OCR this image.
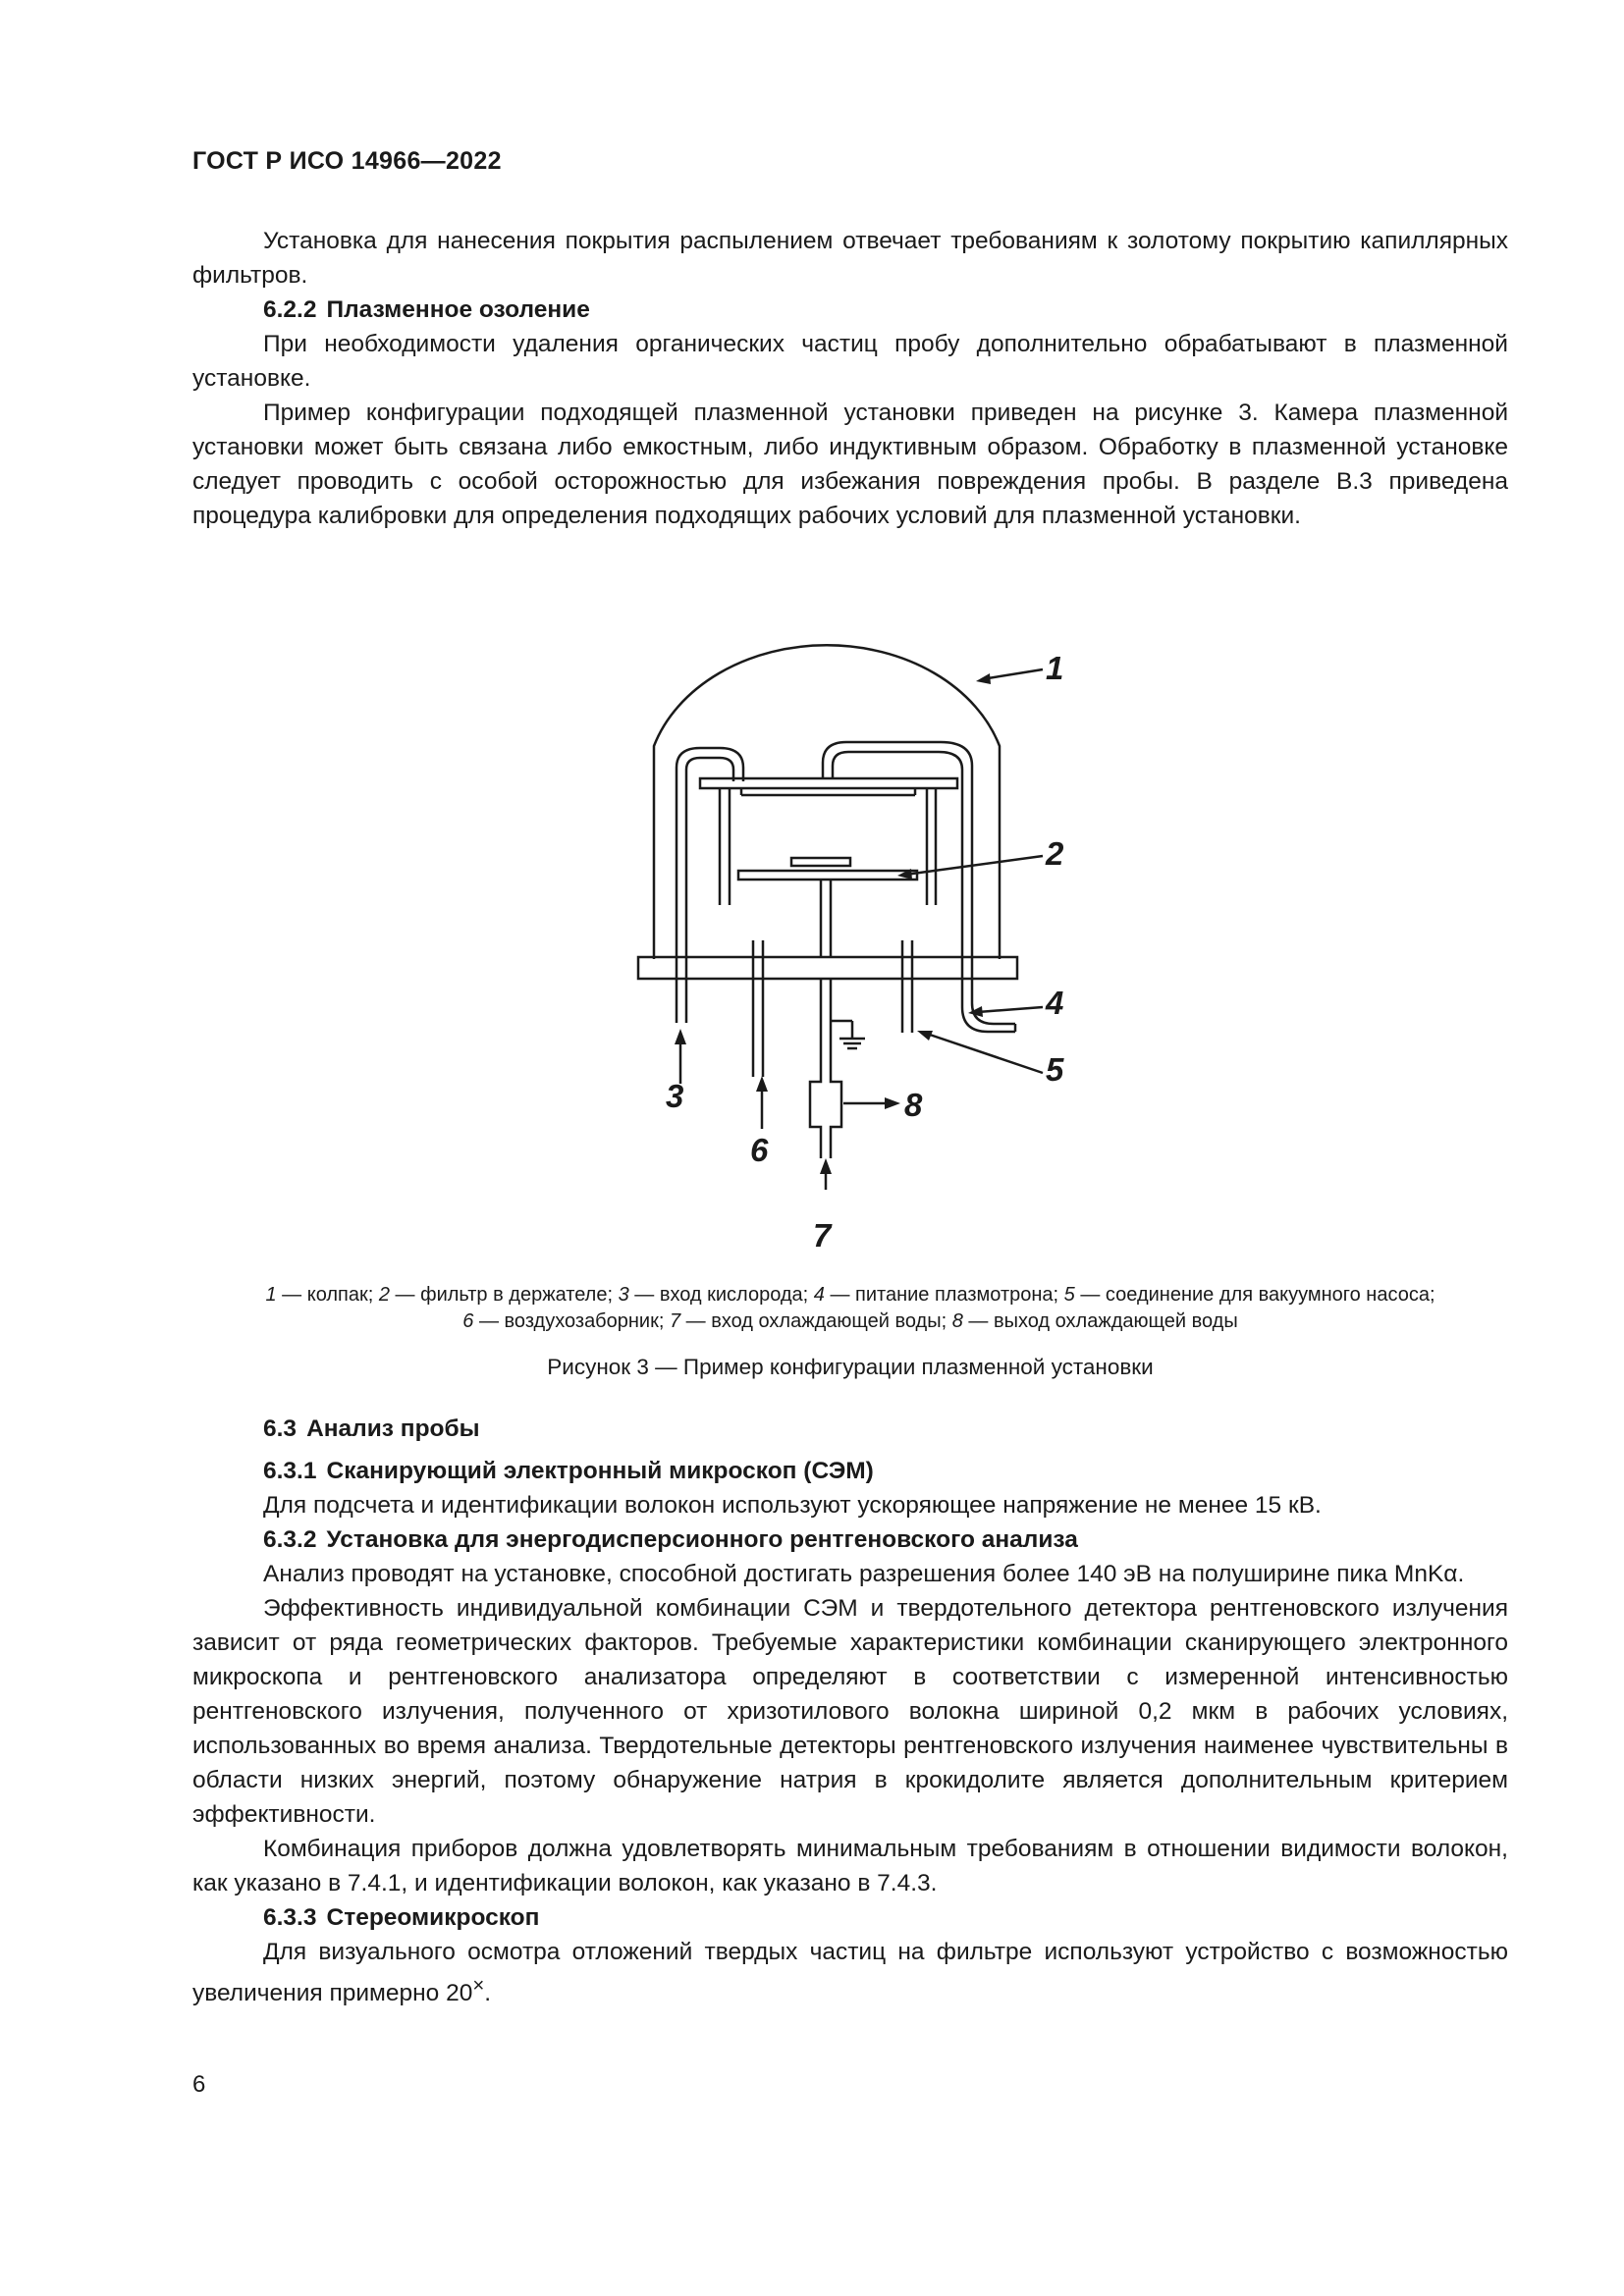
ГОСТ Р ИСО 14966—2022

Установка для нанесения покрытия распылением отвечает требованиям к золотому покрытию капиллярных фильтров.

6.2.2 Плазменное озоление

При необходимости удаления органических частиц пробу дополнительно обрабатывают в плазменной установке.

Пример конфигурации подходящей плазменной установки приведен на рисунке 3. Камера плазменной установки может быть связана либо емкостным, либо индуктивным образом. Обработку в плазменной установке следует проводить с особой осторожностью для избежания повреждения пробы. В разделе В.3 приведена процедура калибровки для определения подходящих рабочих условий для плазменной установки.

1
2
3
4
5
6
7
8
1 — колпак; 2 — фильтр в держателе; 3 — вход кислорода; 4 — питание плазмотрона; 5 — соединение для вакуумного насоса;
6 — воздухозаборник; 7 — вход охлаждающей воды; 8 — выход охлаждающей воды
Рисунок 3 — Пример конфигурации плазменной установки

6.3 Анализ пробы

6.3.1 Сканирующий электронный микроскоп (СЭМ)

Для подсчета и идентификации волокон используют ускоряющее напряжение не менее 15 кВ.

6.3.2 Установка для энергодисперсионного рентгеновского анализа

Анализ проводят на установке, способной достигать разрешения более 140 эВ на полуширине пика MnKα.

Эффективность индивидуальной комбинации СЭМ и твердотельного детектора рентгеновского излучения зависит от ряда геометрических факторов. Требуемые характеристики комбинации сканирующего электронного микроскопа и рентгеновского анализатора определяют в соответствии с измеренной интенсивностью рентгеновского излучения, полученного от хризотилового волокна шириной 0,2 мкм в рабочих условиях, использованных во время анализа. Твердотельные детекторы рентгеновского излучения наименее чувствительны в области низких энергий, поэтому обнаружение натрия в крокидолите является дополнительным критерием эффективности.

Комбинация приборов должна удовлетворять минимальным требованиям в отношении видимости волокон, как указано в 7.4.1, и идентификации волокон, как указано в 7.4.3.

6.3.3 Стереомикроскоп

Для визуального осмотра отложений твердых частиц на фильтре используют устройство с возможностью увеличения примерно 20×.

6
